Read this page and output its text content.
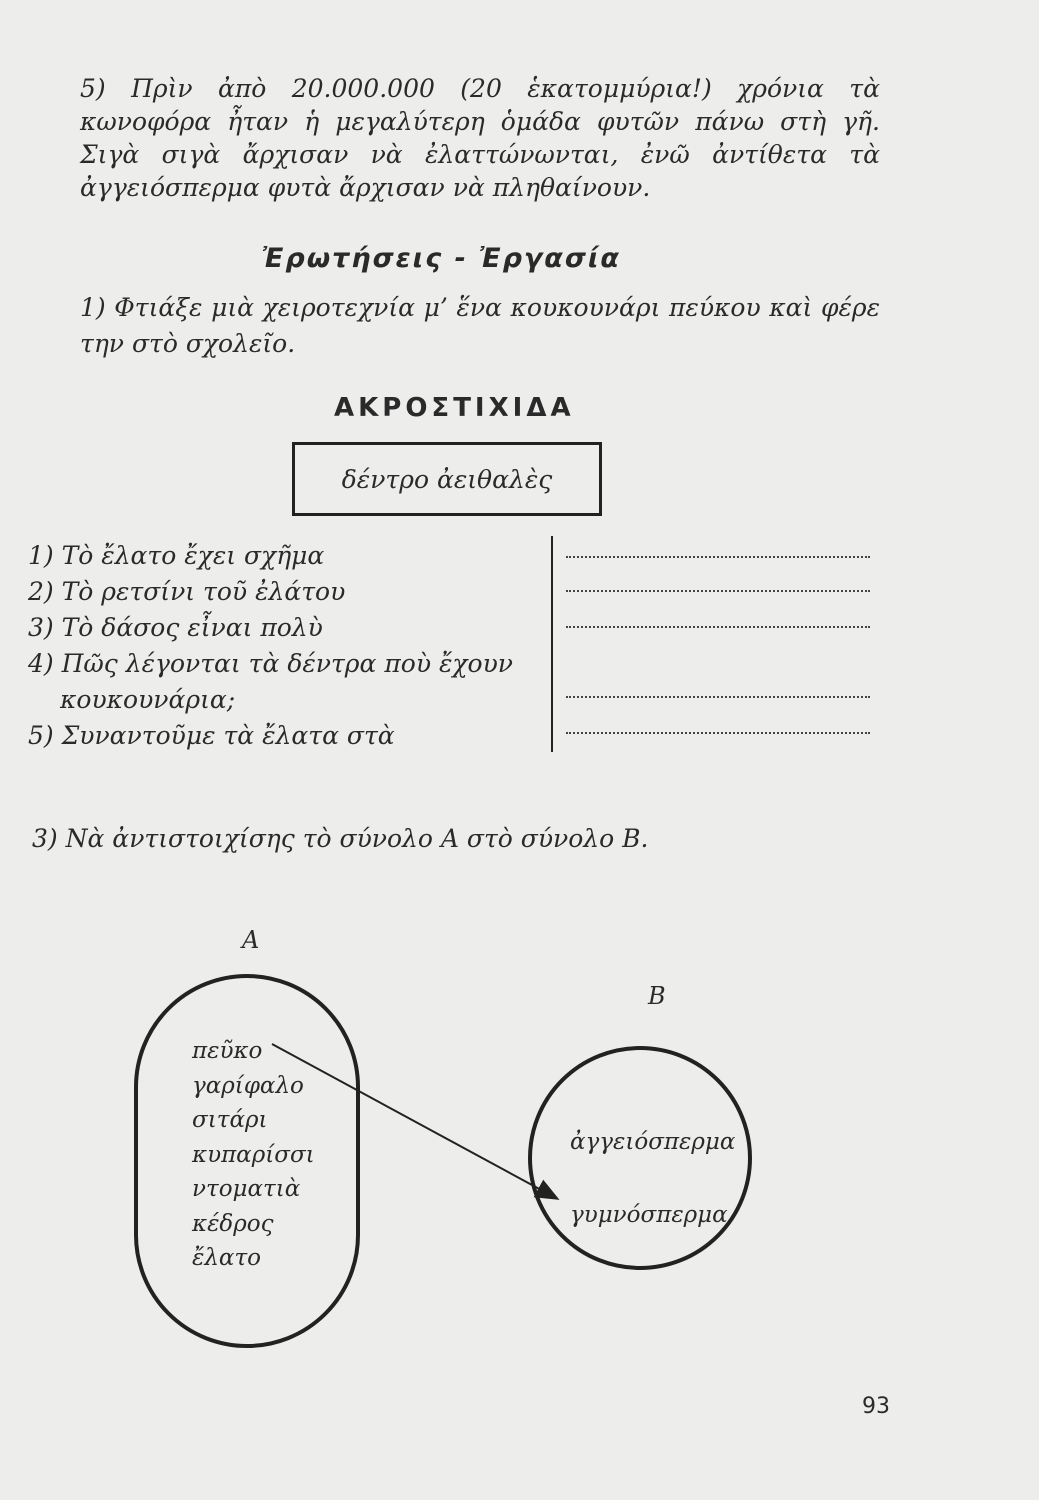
5) Πρὶν ἀπὸ 20.000.000 (20 ἑκατομμύρια!) χρόνια τὰ κωνοφόρα ἦταν ἡ μεγαλύτερη ὁμάδα φυτῶν πάνω στὴ γῆ. Σιγὰ σιγὰ ἄρχισαν νὰ ἐλαττώνωνται, ἐνῶ ἀντίθετα τὰ ἀγγειόσπερμα φυτὰ ἄρχισαν νὰ πληθαίνουν.

Ἐρωτήσεις - Ἐργασία

1) Φτιάξε μιὰ χειροτεχνία μ’ ἕνα κουκουνάρι πεύκου καὶ φέρε την στὸ σχολεῖο.

ΑΚΡΟΣΤΙΧΙΔΑ
δέντρο ἀειθαλὲς
1) Τὸ ἔλατο ἔχει σχῆμα
2) Τὸ ρετσίνι τοῦ ἐλάτου
3) Τὸ δάσος εἶναι πολὺ
4) Πῶς λέγονται τὰ δέντρα ποὺ ἔχουν
κουκουνάρια;
5) Συναντοῦμε τὰ ἔλατα στὰ
3) Νὰ ἀντιστοιχίσης τὸ σύνολο Α στὸ σύνολο Β.
Α
Β
πεῦκο
γαρίφαλο
σιτάρι
κυπαρίσσι
ντοματιὰ
κέδρος
ἔλατο
ἀγγειόσπερμα
γυμνόσπερμα
93
